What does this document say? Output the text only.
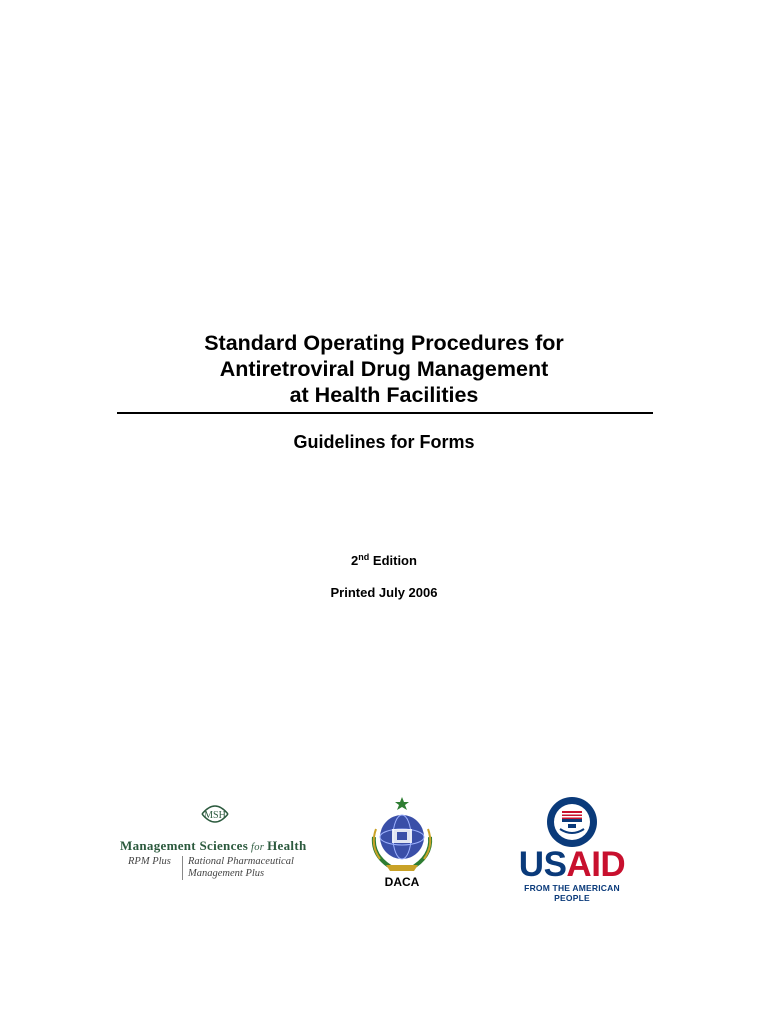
Standard Operating Procedures for

Antiretroviral Drug Management

at Health Facilities

Guidelines for Forms
2nd Edition
Printed July 2006
MSH
Management Sciences for Health
RPM Plus Rational Pharmaceutical
Management Plus
DACA	USAID
FROM THE AMERICAN PEOPLE
